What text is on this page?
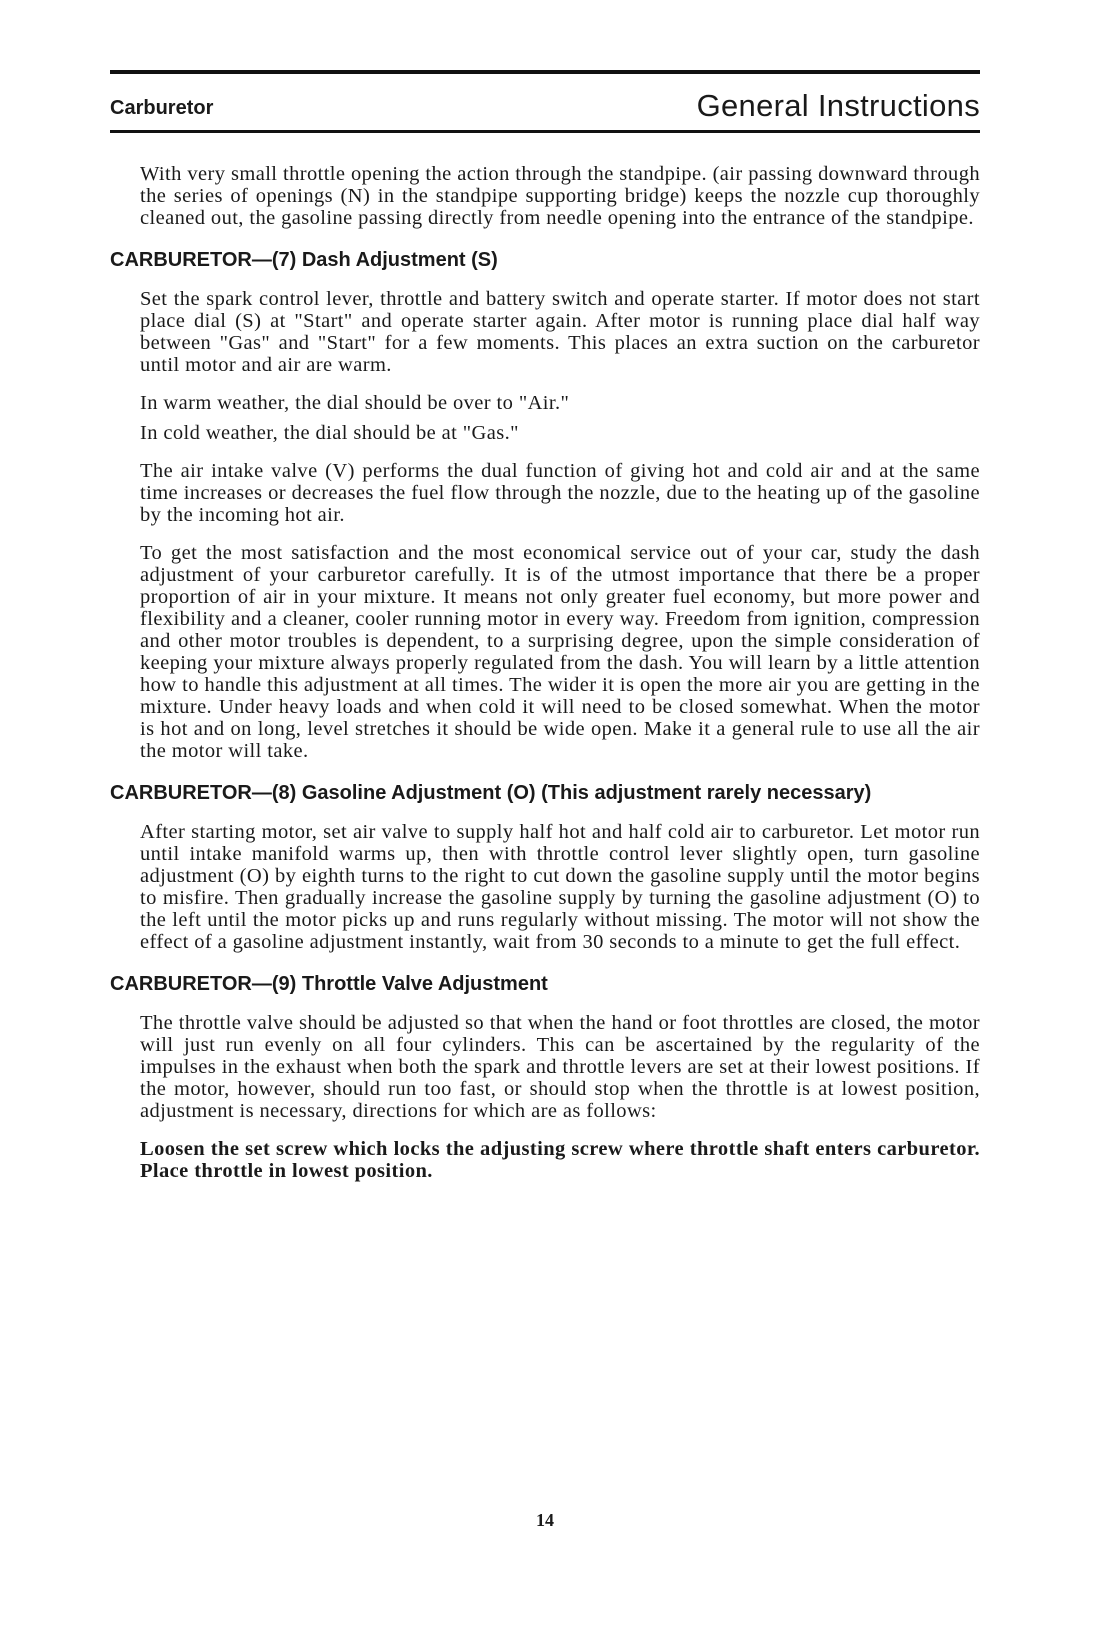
Carburetor	General Instructions

With very small throttle opening the action through the standpipe. (air passing downward through the series of openings (N) in the standpipe supporting bridge) keeps the nozzle cup thoroughly cleaned out, the gasoline passing directly from needle opening into the entrance of the standpipe.

CARBURETOR—(7) Dash Adjustment (S)

Set the spark control lever, throttle and battery switch and operate starter. If motor does not start place dial (S) at "Start" and operate starter again. After motor is running place dial half way between "Gas" and "Start" for a few moments. This places an extra suction on the carburetor until motor and air are warm.

In warm weather, the dial should be over to "Air."

In cold weather, the dial should be at "Gas."

The air intake valve (V) performs the dual function of giving hot and cold air and at the same time increases or decreases the fuel flow through the nozzle, due to the heating up of the gasoline by the incoming hot air.

To get the most satisfaction and the most economical service out of your car, study the dash adjustment of your carburetor carefully. It is of the utmost importance that there be a proper proportion of air in your mixture. It means not only greater fuel economy, but more power and flexibility and a cleaner, cooler running motor in every way. Freedom from ignition, compression and other motor troubles is dependent, to a surprising degree, upon the simple consideration of keeping your mixture always properly regulated from the dash. You will learn by a little attention how to handle this adjustment at all times. The wider it is open the more air you are getting in the mixture. Under heavy loads and when cold it will need to be closed somewhat. When the motor is hot and on long, level stretches it should be wide open. Make it a general rule to use all the air the motor will take.

CARBURETOR—(8) Gasoline Adjustment (O) (This adjustment rarely necessary)

After starting motor, set air valve to supply half hot and half cold air to carburetor. Let motor run until intake manifold warms up, then with throttle control lever slightly open, turn gasoline adjustment (O) by eighth turns to the right to cut down the gasoline supply until the motor begins to misfire. Then gradually increase the gasoline supply by turning the gasoline adjustment (O) to the left until the motor picks up and runs regularly without missing. The motor will not show the effect of a gasoline adjustment instantly, wait from 30 seconds to a minute to get the full effect.

CARBURETOR—(9) Throttle Valve Adjustment

The throttle valve should be adjusted so that when the hand or foot throttles are closed, the motor will just run evenly on all four cylinders. This can be ascertained by the regularity of the impulses in the exhaust when both the spark and throttle levers are set at their lowest positions. If the motor, however, should run too fast, or should stop when the throttle is at lowest position, adjustment is necessary, directions for which are as follows:

Loosen the set screw which locks the adjusting screw where throttle shaft enters carburetor. Place throttle in lowest position.

14
